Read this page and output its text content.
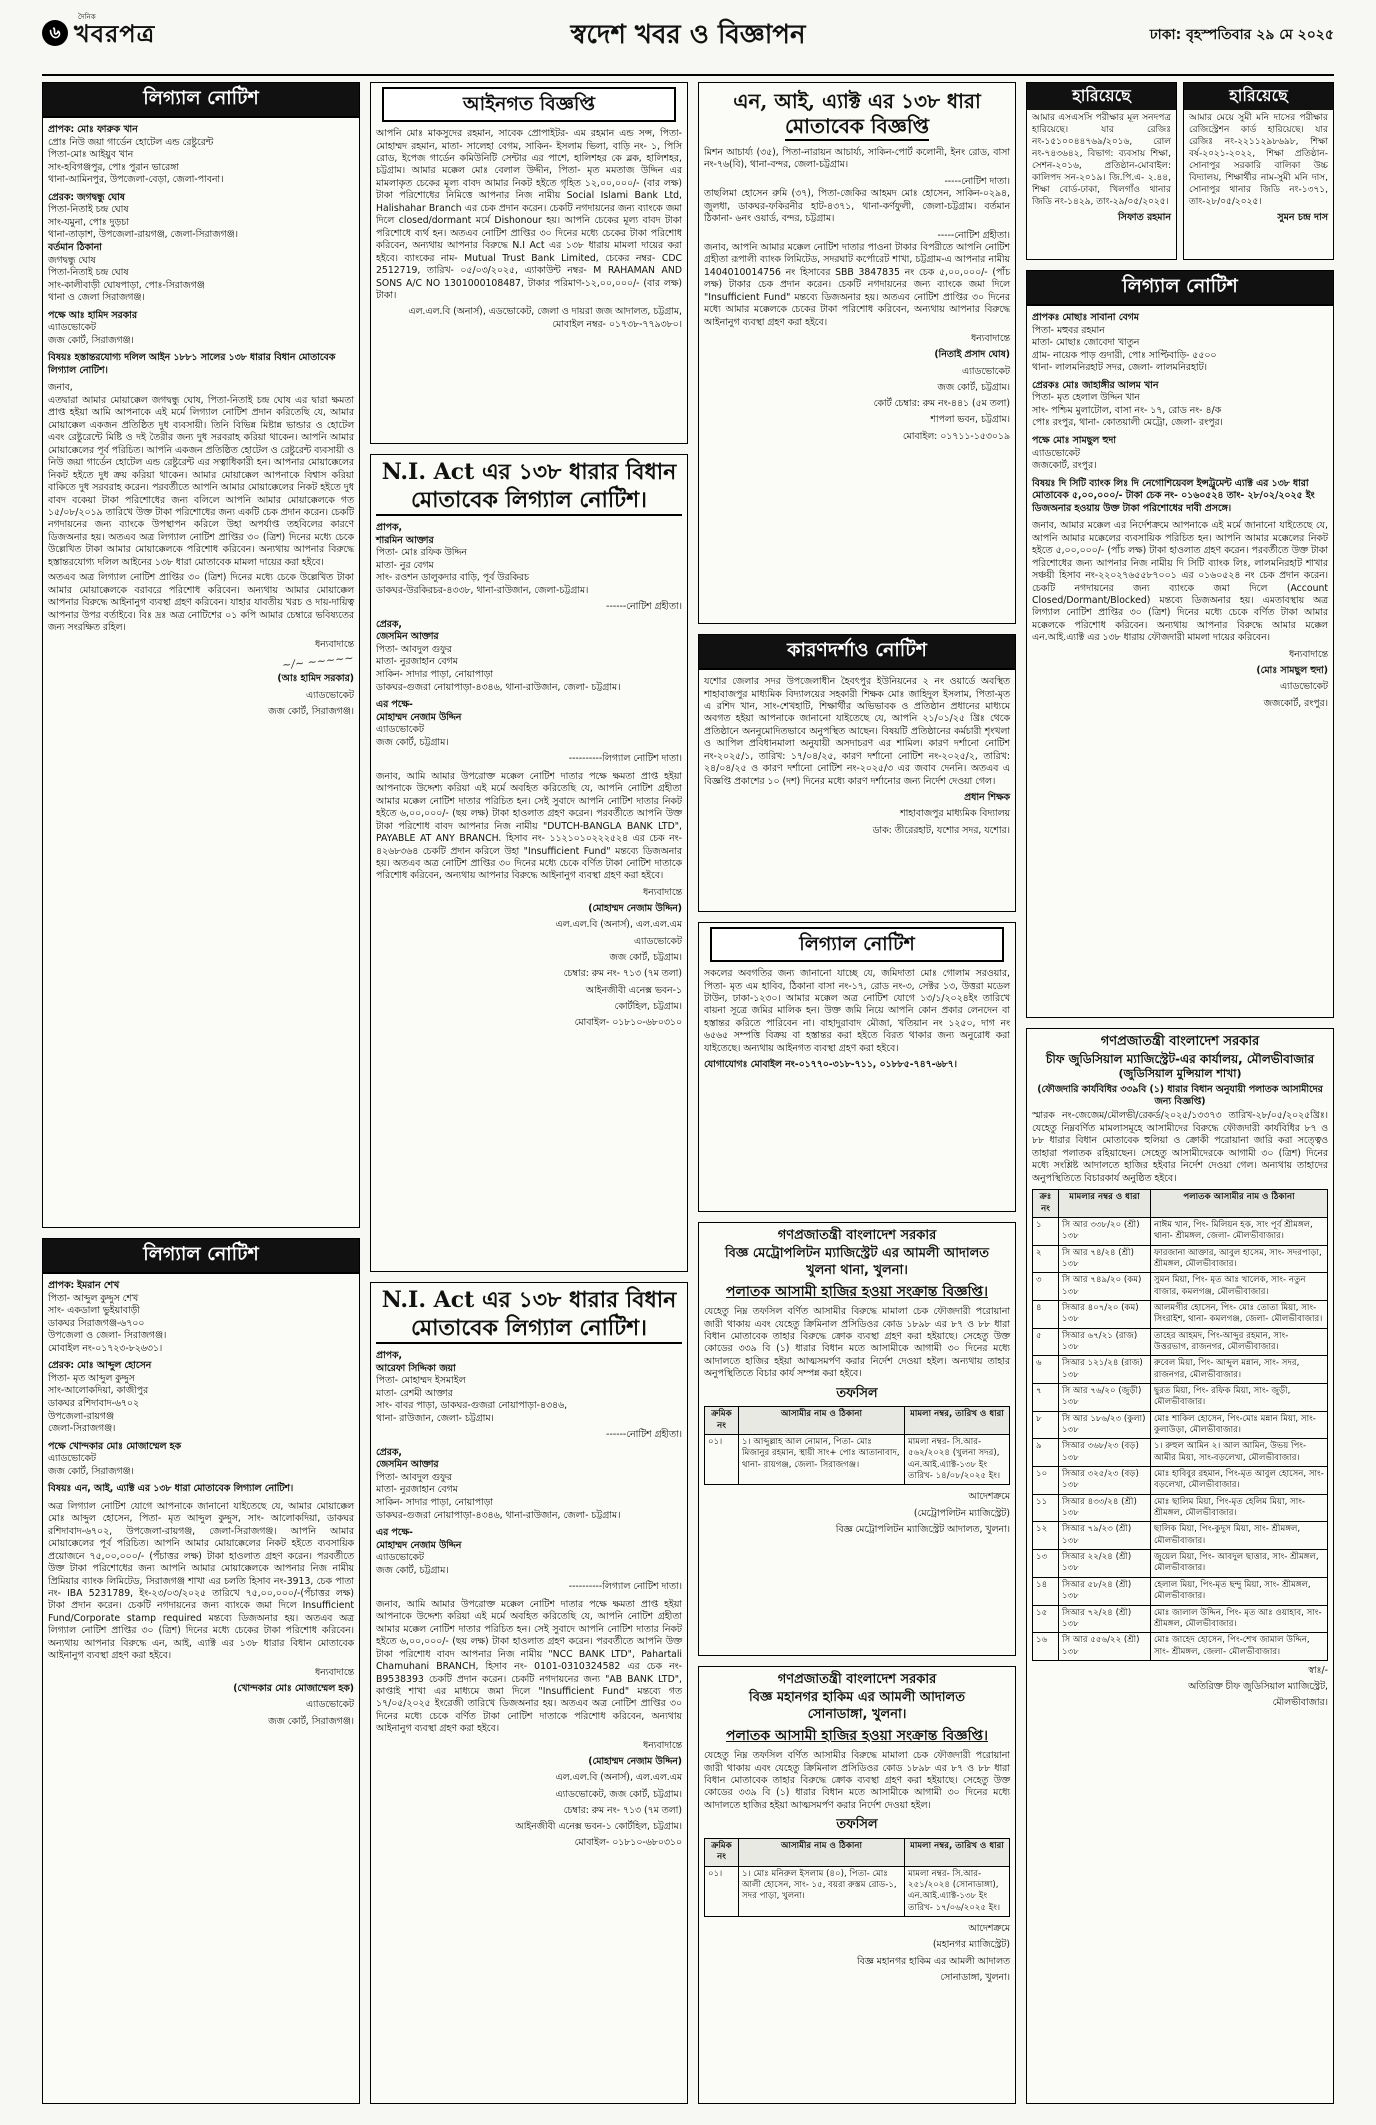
৬
দৈনিক
খবরপত্র	স্বদেশ খবর ও বিজ্ঞাপন	ঢাকা: বৃহস্পতিবার ২৯ মে ২০২৫
লিগ্যাল নোটিশ
প্রাপক: মোঃ ফারুক খান
প্রোঃ নিউ জয়া গার্ডেন হোটেল এন্ড রেষ্টুরেন্ট
পিতা-মোঃ আইয়ুব খান
সাং-হবিগঞ্জপুর, পোঃ পুরান ভারেঙ্গা
থানা-আমিনপুর, উপজেলা-বেড়া, জেলা-পাবনা।
প্রেরক: জগদ্বন্ধু ঘোষ
পিতা-নিতাই চন্দ্র ঘোষ
সাং-যমুনা, পোঃ দুড়চা
থানা-তাড়াশ, উপজেলা-রায়গঞ্জ, জেলা-সিরাজগঞ্জ।
বর্তমান ঠিকানা
জগদ্বন্ধু ঘোষ
পিতা-নিতাই চন্দ্র ঘোষ
সাং-কালীবাড়ী ঘোষপাড়া, পোঃ-সিরাজগঞ্জ
থানা ও জেলা সিরাজগঞ্জ।
পক্ষে আঃ হামিদ সরকার
এ্যাডভোকেট
জজ কোর্ট, সিরাজগঞ্জ।
বিষয়ঃ হস্তান্তরযোগ্য দলিল আইন ১৮৮১ সালের ১৩৮ ধারার বিধান মোতাবেক লিগ্যাল নোটিশ।
জনাব,
এতদ্বারা আমার মোয়াক্কেল জগদ্বন্ধু ঘোষ, পিতা-নিতাই চন্দ্র ঘোষ এর দ্বারা ক্ষমতা প্রাপ্ত হইয়া আমি আপনাকে এই মর্মে লিগ্যাল নোটিশ প্রদান করিতেছি যে, আমার মোয়াক্কেল একজন প্রতিষ্ঠিত দুধ ব্যবসায়ী। তিনি বিভিন্ন মিষ্টান্ন ভান্ডার ও হোটেল এবং রেষ্টুরেন্টে মিষ্টি ও দই তৈরীর জন্য দুধ সরবরাহ করিয়া থাকেন। আপনি আমার মোয়াক্কেলের পূর্ব পরিচিত। আপনি একজন প্রতিষ্ঠিত হোটেল ও রেষ্টুরেন্ট ব্যবসায়ী ও নিউ জয়া গার্ডেন হোটেল এন্ড রেষ্টুরেন্ট এর সত্বাধিকারী হন। আপনার মোয়াক্কেলের নিকট হইতে দুধ ক্রয় করিয়া থাকেন। আমার মোয়াক্কেল আপনাকে বিশ্বাস করিয়া বাকিতে দুধ সরবরাহ করেন। পরবর্তীতে আপনি আমার মোয়াক্কেলের নিকট হইতে দুধ বাবদ বকেয়া টাকা পরিশোধের জন্য বলিলে আপনি আমার মোয়াক্কেলকে গত ১৫/০৮/২০১৯ তারিখে উক্ত টাকা পরিশোধের জন্য একটি চেক প্রদান করেন। চেকটি নগদায়নের জন্য ব্যাংকে উপস্থাপন করিলে উহা অপর্যাপ্ত তহবিলের কারণে ডিজঅনার হয়। অতএব অত্র লিগ্যাল নোটিশ প্রাপ্তির ৩০ (ত্রিশ) দিনের মধ্যে চেকে উল্লেখিত টাকা আমার মোয়াক্কেলকে পরিশোধ করিবেন। অন্যথায় আপনার বিরুদ্ধে হস্তান্তরযোগ্য দলিল আইনের ১৩৮ ধারা মোতাবেক মামলা দায়ের করা হইবে।
অতএব অত্র লিগ্যাল নোটিশ প্রাপ্তির ৩০ (ত্রিশ) দিনের মধ্যে চেকে উল্লেখিত টাকা আমার মোয়াক্কেলকে বরাবরে পরিশোধ করিবেন। অন্যথায় আমার মোয়াক্কেল আপনার বিরুদ্ধে আইনানুগ ব্যবস্থা গ্রহণ করিবেন। যাহার যাবতীয় খরচ ও দায়-দায়িত্ব আপনার উপর বর্তাইবে। বিঃ দ্রঃ অত্র নোটিশের ০১ কপি আমার চেম্বারে ভবিষ্যতের জন্য সংরক্ষিত রহিল।
ধন্যবাদান্তে
~/~ ~~~~~
(আঃ হামিদ সরকার)
এ্যাডভোকেট
জজ কোর্ট, সিরাজগঞ্জ।
লিগ্যাল নোটিশ
প্রাপক: ইমরান শেখ
পিতা- আব্দুল কুদ্দুস শেখ
সাং- একডালা ভুইয়াবাড়ী
ডাকঘর সিরাজগঞ্জ-৬৭০০
উপজেলা ও জেলা- সিরাজগঞ্জ।
মোবাইল নং-০১৭২৩-৮২৬৩১।
প্রেরক: মোঃ আব্দুল হোসেন
পিতা- মৃত আব্দুল কুদ্দুস
সাং-আলোকদিয়া, কাজীপুর
ডাকঘর রশিদাবাদ-৬৭০২
উপজেলা-রায়গঞ্জ
জেলা-সিরাজগঞ্জ।
পক্ষে খোন্দকার মোঃ মোজাম্মেল হক
এ্যাডভোকেট
জজ কোর্ট, সিরাজগঞ্জ।
বিষয়ঃ এন, আই, এ্যাক্ট এর ১৩৮ ধারা মোতাবেক লিগ্যাল নোটিশ।
অত্র লিগ্যাল নোটিশ যোগে আপনাকে জানানো যাইতেছে যে, আমার মোয়াক্কেল মোঃ আব্দুল হোসেন, পিতা- মৃত আব্দুল কুদ্দুস, সাং- আলোকদিয়া, ডাকঘর রশিদাবাদ-৬৭০২, উপজেলা-রায়গঞ্জ, জেলা-সিরাজগঞ্জ। আপনি আমার মোয়াক্কেলের পূর্ব পরিচিত। আপনি আমার মোয়াক্কেলের নিকট হইতে ব্যবসায়িক প্রয়োজনে ৭৫,০০,০০০/- (পঁচাত্তর লক্ষ) টাকা হাওলাত গ্রহণ করেন। পরবর্তীতে উক্ত টাকা পরিশোধের জন্য আপনি আমার মোয়াক্কেলকে আপনার নিজ নামীয় প্রিমিয়ার ব্যাংক লিমিটেড, সিরাজগঞ্জ শাখা এর চলতি হিসাব নং-3913, চেক পাতা নং- IBA 5231789, ইং-২৩/০৩/২০২৫ তারিখে ৭৫,০০,০০০/-(পঁচাত্তর লক্ষ) টাকা প্রদান করেন। চেকটি নগদায়নের জন্য ব্যাংকে জমা দিলে Insufficient Fund/Corporate stamp required মন্তব্যে ডিজঅনার হয়। অতএব অত্র লিগ্যাল নোটিশ প্রাপ্তির ৩০ (ত্রিশ) দিনের মধ্যে চেকের টাকা পরিশোধ করিবেন। অন্যথায় আপনার বিরুদ্ধে এন, আই, এ্যাক্ট এর ১৩৮ ধারার বিধান মোতাবেক আইনানুগ ব্যবস্থা গ্রহণ করা হইবে।
ধন্যবাদান্তে
(খোন্দকার মোঃ মোজাম্মেল হক)
এ্যাডভোকেট
জজ কোর্ট, সিরাজগঞ্জ।
আইনগত বিজ্ঞপ্তি
আপনি মোঃ মাকসুদের রহমান, সাবেক প্রোপাইটর- এম রহমান এন্ড সন্স, পিতা-মোহাম্মদ রহমান, মাতা- সালেহা বেগম, সাকিন- ইসলাম ভিলা, বাড়ি নং- ১, পিসি রোড, ইপেজ গার্ডেন কমিউনিটি সেন্টার এর পাশে, হালিশহর কে ব্লক, হালিশহর, চট্টগ্রাম। আমার মক্কেল মোঃ বেলাল উদ্দীন, পিতা- মৃত মমতাজ উদ্দিন এর মামলাকৃত চেকের মূল্য বাবদ আমার নিকট হইতে গৃহিত ১২,০০,০০০/- (বার লক্ষ) টাকা পরিশোধের নিমিত্তে আপনার নিজ নামীয় Social Islami Bank Ltd, Halishahar Branch এর চেক প্রদান করেন। চেকটি নগদায়নের জন্য ব্যাংকে জমা দিলে closed/dormant মর্মে Dishonour হয়। আপনি চেকের মূল্য বাবদ টাকা পরিশোধে ব্যর্থ হন। অতএব নোটিশ প্রাপ্তির ৩০ দিনের মধ্যে চেকের টাকা পরিশোধ করিবেন, অন্যথায় আপনার বিরুদ্ধে N.I Act এর ১৩৮ ধারায় মামলা দায়ের করা হইবে। ব্যাংকের নাম- Mutual Trust Bank Limited, চেকের নম্বর- CDC 2512719, তারিখ- ০৫/০৩/২০২৫, এ্যাকাউন্ট নম্বর- M RAHAMAN AND SONS A/C NO 1301000108487, টাকার পরিমাণ-১২,০০,০০০/- (বার লক্ষ) টাকা।
এল.এল.বি (অনার্স), এডভোকেট, জেলা ও দায়রা জজ আদালত, চট্টগ্রাম, মোবাইল নম্বর- ০১৭৩৮-৭৭৯৩৮০।
N.I. Act এর ১৩৮ ধারার বিধান মোতাবেক লিগ্যাল নোটিশ।
প্রাপক,
শারমিন আক্তার
পিতা- মোঃ রফিক উদ্দিন
মাতা- নুর বেগম
সাং- রওশন ডালুকদার বাড়ি, পূর্ব উরকিরচ
ডাকঘর-উরকিরচর-৪৩৩৮, থানা-রাউজান, জেলা-চট্টগ্রাম।
------নোটিশ গ্রহীতা।
প্রেরক,
জেসমিন আক্তার
পিতা- আবদুল গুফুর
মাতা- নুরজাহান বেগম
সাকিন- সাদার পাড়া, নোয়াপাড়া
ডাকঘর-গুজরা নোয়াপাড়া-৪৩৪৬, থানা-রাউজান, জেলা- চট্টগ্রাম।
এর পক্ষে-
মোহাম্মদ নেজাম উদ্দিন
এ্যাডভোকেট
জজ কোর্ট, চট্টগ্রাম।
----------লিগ্যাল নোটিশ দাতা।
জনাব, আমি আমার উপরোক্ত মক্কেল নোটিশ দাতার পক্ষে ক্ষমতা প্রাপ্ত হইয়া আপনাকে উদ্দেশ্য করিয়া এই মর্মে অবহিত করিতেছি যে, আপনি নোটিশ গ্রহীতা আমার মক্কেল নোটিশ দাতার পরিচিত হন। সেই সুবাদে আপনি নোটিশ দাতার নিকট হইতে ৬,০০,০০০/- (ছয় লক্ষ) টাকা হাওলাত গ্রহণ করেন। পরবর্তীতে আপনি উক্ত টাকা পরিশোধ বাবদ আপনার নিজ নামীয় "DUTCH-BANGLA BANK LTD", PAYABLE AT ANY BRANCH. হিসাব নং- ১১২১০১০২২২৫২৪ এর চেক নং- ৪২৬৮৩৬৪ চেকটি প্রদান করিলে উহা "Insufficient Fund" মন্তব্যে ডিজঅনার হয়। অতএব অত্র নোটিশ প্রাপ্তির ৩০ দিনের মধ্যে চেকে বর্ণিত টাকা নোটিশ দাতাকে পরিশোধ করিবেন, অন্যথায় আপনার বিরুদ্ধে আইনানুগ ব্যবস্থা গ্রহণ করা হইবে।
ধন্যবাদান্তে
(মোহাম্মদ নেজাম উদ্দিন)
এল.এল.বি (অনার্স), এল.এল.এম
এ্যাডভোকেট
জজ কোর্ট, চট্টগ্রাম।
চেম্বার: রুম নং- ৭১৩ (৭ম তলা)
আইনজীবী এনেক্স ভবন-১
কোর্টহিল, চট্টগ্রাম।
মোবাইল- ০১৮১০-৬৮০৩১০
N.I. Act এর ১৩৮ ধারার বিধান মোতাবেক লিগ্যাল নোটিশ।
প্রাপক,
আরেফা সিদ্দিকা জয়া
পিতা- মোহাম্মদ ইসমাইল
মাতা- রেশমী আক্তার
সাং- বাবর পাড়া, ডাকঘর-গুজরা নোয়াপাড়া-৪৩৪৬,
থানা- রাউজান, জেলা- চট্টগ্রাম।
------নোটিশ গ্রহীতা।
প্রেরক,
জেসমিন আক্তার
পিতা- আবদুল গুফুর
মাতা- নুরজাহান বেগম
সাকিন- সাদার পাড়া, নোয়াপাড়া
ডাকঘর-গুজরা নোয়াপাড়া-৪৩৪৬, থানা-রাউজান, জেলা- চট্টগ্রাম।
এর পক্ষে-
মোহাম্মদ নেজাম উদ্দিন
এ্যাডভোকেট
জজ কোর্ট, চট্টগ্রাম।
----------লিগ্যাল নোটিশ দাতা।
জনাব, আমি আমার উপরোক্ত মক্কেল নোটিশ দাতার পক্ষে ক্ষমতা প্রাপ্ত হইয়া আপনাকে উদ্দেশ্য করিয়া এই মর্মে অবহিত করিতেছি যে, আপনি নোটিশ গ্রহীতা আমার মক্কেল নোটিশ দাতার পরিচিত হন। সেই সুবাদে আপনি নোটিশ দাতার নিকট হইতে ৬,০০,০০০/- (ছয় লক্ষ) টাকা হাওলাত গ্রহণ করেন। পরবর্তীতে আপনি উক্ত টাকা পরিশোধ বাবদ আপনার নিজ নামীয় "NCC BANK LTD", Pahartali Chamuhani BRANCH, হিসাব নং- 0101-0310324582 এর চেক নং- B9538393 চেকটি প্রদান করেন। চেকটি নগদায়নের জন্য "AB BANK LTD", কাপ্তাই শাখা এর মাধ্যমে জমা দিলে "Insufficient Fund" মন্তব্যে গত ১৭/০৫/২০২৫ ইংরেজী তারিখে ডিজঅনার হয়। অতএব অত্র নোটিশ প্রাপ্তির ৩০ দিনের মধ্যে চেকে বর্ণিত টাকা নোটিশ দাতাকে পরিশোধ করিবেন, অন্যথায় আইনানুগ ব্যবস্থা গ্রহণ করা হইবে।
ধন্যবাদান্তে
(মোহাম্মদ নেজাম উদ্দিন)
এল.এল.বি (অনার্স), এল.এল.এম
এ্যাডভোকেট, জজ কোর্ট, চট্টগ্রাম।
চেম্বার: রুম নং- ৭১৩ (৭ম তলা)
আইনজীবী এনেক্স ভবন-১ কোর্টহিল, চট্টগ্রাম।
মোবাইল- ০১৮১০-৬৮০৩১০
এন, আই, এ্যাক্ট এর ১৩৮ ধারা
মোতাবেক বিজ্ঞপ্তি
মিশন আচার্য্য (৩৫), পিতা-নারায়ন আচার্য্য, সাকিন-পোর্ট কলোনী, ইনং রোড, বাসা নং-৭৬(বি), থানা-বন্দর, জেলা-চট্টগ্রাম।
-----নোটিশ দাতা।
তাছলিমা হোসেন রুমি (৩৭), পিতা-জেকির আহমদ মোঃ হোসেন, সাকিন-০২৯৪, জুলধা, ডাকঘর-ফকিরনীর হাট-৪৩৭১, থানা-কর্ণফুলী, জেলা-চট্টগ্রাম। বর্তমান ঠিকানা- ৬নং ওয়ার্ড, বন্দর, চট্টগ্রাম।
-----নোটিশ গ্রহীতা।
জনাব, আপনি আমার মক্কেল নোটিশ দাতার পাওনা টাকার বিপরীতে আপনি নোটিশ গ্রহীতা রূপালী ব্যাংক লিমিটেড, সদরঘাট কর্পোরেট শাখা, চট্টগ্রাম-এ আপনার নামীয় 1404010014756 নং হিসাবের SBB 3847835 নং চেক ৫,০০,০০০/- (পাঁচ লক্ষ) টাকার চেক প্রদান করেন। চেকটি নগদায়নের জন্য ব্যাংকে জমা দিলে "Insufficient Fund" মন্তব্যে ডিজঅনার হয়। অতএব নোটিশ প্রাপ্তির ৩০ দিনের মধ্যে আমার মক্কেলকে চেকের টাকা পরিশোধ করিবেন, অন্যথায় আপনার বিরুদ্ধে আইনানুগ ব্যবস্থা গ্রহণ করা হইবে।
ধন্যবাদান্তে
(নিতাই প্রসাদ ঘোষ)
এ্যাডভোকেট
জজ কোর্ট, চট্টগ্রাম।
কোর্ট চেম্বার: রুম নং-৪৪১ (৫ম তলা)
শাপলা ভবন, চট্টগ্রাম।
মোবাইল: ০১৭১১-১৫৩০১৯
কারণদর্শাও নোটিশ
যশোর জেলার সদর উপজেলাধীন হৈবৎপুর ইউনিয়নের ২ নং ওয়ার্ডে অবস্থিত শাহাবাজপুর মাধ্যমিক বিদ্যালয়ের সহকারী শিক্ষক মোঃ জাহিদুল ইসলাম, পিতা-মৃত এ রশিদ খান, সাং-শেখহাটি, শিক্ষার্থীর অভিভাবক ও প্রতিষ্ঠান প্রধানের মাধ্যমে অবগত হইয়া আপনাকে জানানো যাইতেছে যে, আপনি ২১/০১/২৫ খ্রিঃ থেকে প্রতিষ্ঠানে অননুমোদিতভাবে অনুপস্থিত আছেন। বিষয়টি প্রতিষ্ঠানের কর্মচারী শৃংখলা ও আপিল প্রবিধানমালা অনুযায়ী অসদাচরণ এর শামিল। কারণ দর্শানো নোটিশ নং-২০২৫/১, তারিখ: ১৭/০৪/২৫, কারণ দর্শানো নোটিশ নং-২০২৫/২, তারিখ: ২৪/০৪/২৫ ও কারণ দর্শানো নোটিশ নং-২০২৫/৩ এর জবাব দেননি। অতএব এ বিজ্ঞপ্তি প্রকাশের ১০ (দশ) দিনের মধ্যে কারণ দর্শানোর জন্য নির্দেশ দেওয়া গেল।
প্রধান শিক্ষক
শাহাবাজপুর মাধ্যমিক বিদ্যালয়
ডাক: তীরেরহাট, যশোর সদর, যশোর।
লিগ্যাল নোটিশ
সকলের অবগতির জন্য জানানো যাচ্ছে যে, জমিদাতা মোঃ গোলাম সরওয়ার, পিতা- মৃত এম হাবিব, ঠিকানা বাসা নং-১৭, রোড নং-৩, সেক্টর ১৩, উত্তরা মডেল টাউন, ঢাকা-১২৩০। আমার মক্কেল অত্র নোটিশ যোগে ১৩/১/২০২৪ইং তারিখে বায়না সূত্রে জমির মালিক হন। উক্ত জমি নিয়ে আপনি কোন প্রকার লেনদেন বা হস্তান্তর করিতে পারিবেন না। বাহাদুরাবাদ মৌজা, খতিয়ান নং ১২৫০, দাগ নং ৬৫৬৫ সম্পত্তি বিক্রয় বা হস্তান্তর করা হইতে বিরত থাকার জন্য অনুরোধ করা যাইতেছে। অন্যথায় আইনগত ব্যবস্থা গ্রহণ করা হইবে।
যোগাযোগঃ মোবাইল নং-০১৭৭০-৩১৮-৭১১, ০১৮৮৫-৭৪৭-৬৮৭।
গণপ্রজাতন্ত্রী বাংলাদেশ সরকার
বিজ্ঞ মেট্রোপলিটন ম্যাজিস্ট্রেট এর আমলী আদালত
খুলনা থানা, খুলনা।
পলাতক আসামী হাজির হওয়া সংক্রান্ত বিজ্ঞপ্তি।
যেহেতু নিম্ন তফসিল বর্ণিত আসামীর বিরুদ্ধে মামালা চেক ফৌজদারী পরোয়ানা জারী থাকায় এবং যেহেতু ক্রিমিনাল প্রসিডিওর কোড ১৮৯৮ এর ৮৭ ও ৮৮ ধারা বিধান মোতাবেক তাহার বিরুদ্ধে ক্রোক ব্যবস্থা গ্রহণ করা হইয়াছে। সেহেতু উক্ত কোডের ৩৩৯ বি (১) ধারার বিধান মতে আসামীকে আগামী ৩০ দিনের মধ্যে আদালতে হাজির হইয়া আত্মসমর্পণ করার নির্দেশ দেওয়া হইল। অন্যথায় তাহার অনুপস্থিতিতে বিচার কার্য সম্পন্ন করা হইবে।
তফসিল
ক্রমিক নং	আসামীর নাম ও ঠিকানা	মামলা নম্বর, তারিখ ও ধারা
০১।	১। আব্দুল্লাহ আল নোমান, পিতা- মোঃ মিজানুর রহমান, স্থায়ী সাং+ পোঃ আতানাবাদ, থানা- রায়গঞ্জ, জেলা- সিরাজগঞ্জ।	মামলা নম্বর- সি.আর- ৫৬২/২০২৪ (খুলনা সদর), এন.আই.এ্যাক্ট-১৩৮ ইং তারিখ- ১৪/০৮/২০২৫ ইং।
আদেশক্রমে
(মেট্রোপলিটন ম্যাজিস্ট্রেট)
বিজ্ঞ মেট্রোপলিটন ম্যাজিস্ট্রেট আদালত, খুলনা।
গণপ্রজাতন্ত্রী বাংলাদেশ সরকার
বিজ্ঞ মহানগর হাকিম এর আমলী আদালত
সোনাডাঙ্গা, খুলনা।
পলাতক আসামী হাজির হওয়া সংক্রান্ত বিজ্ঞপ্তি।
যেহেতু নিম্ন তফসিল বর্ণিত আসামীর বিরুদ্ধে মামালা চেক ফৌজদারী পরোয়ানা জারী থাকায় এবং যেহেতু ক্রিমিনাল প্রসিডিওর কোড ১৮৯৮ এর ৮৭ ও ৮৮ ধারা বিধান মোতাবেক তাহার বিরুদ্ধে ক্রোক ব্যবস্থা গ্রহণ করা হইয়াছে। সেহেতু উক্ত কোডের ৩৩৯ বি (১) ধারার বিধান মতে আসামীকে আগামী ৩০ দিনের মধ্যে আদালতে হাজির হইয়া আত্মসমর্পণ করার নির্দেশ দেওয়া হইল।
তফসিল
ক্রমিক নং	আসামীর নাম ও ঠিকানা	মামলা নম্বর, তারিখ ও ধারা
০১।	১। মোঃ মনিরুল ইসলাম (৪০), পিতা- মোঃ আলী হোসেন, সাং- ১৫, বয়রা রুস্তম রোড-১, সদর পাড়া, খুলনা।	মামলা নম্বর- সি.আর- ২৫১/২০২৪ (সোনাডাঙ্গা), এন.আই.এ্যাক্ট-১৩৮ ইং তারিখ- ১৭/০৬/২০২৫ ইং।
আদেশক্রমে
(মহানগর ম্যাজিস্ট্রেট)
বিজ্ঞ মহানগর হাকিম এর আমলী আদালত
সোনাডাঙ্গা, খুলনা।
হারিয়েছে
আমার এসএসসি পরীক্ষার মূল সনদপত্র হারিয়েছে। যার রেজিঃ নং-১৫১০০৪৪৭৬৯/২০১৬, রোল নং-৭৪৩৬৪২, বিভাগ: ব্যবসায় শিক্ষা, সেশন-২০১৬, প্রতিষ্ঠান-মোবাইল: কালিপদ সন-২০১৯। জি.পি.এ- ২.৪৪, শিক্ষা বোর্ড-ঢাকা, খিলগাঁও থানার জিডি নং-১৪২৯, তাং-২৯/০৫/২০২৫।
সিফাত রহমান
হারিয়েছে
আমার মেয়ে সুমী মনি দাসের পরীক্ষার রেজিস্ট্রেশন কার্ড হারিয়েছে। যার রেজিঃ নং-২২১১২৯৮৬৯৮, শিক্ষা বর্ষ-২০২১-২০২২, শিক্ষা প্রতিষ্ঠান-সোনাপুর সরকারি বালিকা উচ্চ বিদ্যালয়, শিক্ষার্থীর নাম-সুমী মনি দাস, সোনাপুর থানার জিডি নং-১৩৭১, তাং-২৮/০৫/২০২৫।
সুমন চন্দ্র দাস
লিগ্যাল নোটিশ
প্রাপকঃ মোছাঃ সাবানা বেগম
পিতা- মহুবর রহমান
মাতা- মোছাঃ জোবেদা খাতুন
গ্রাম- নায়েক পাড় গুদারী, পোঃ সাপ্টিবাড়ি- ৫৫০০
থানা- লালমনিরহাট সদর, জেলা- লালমনিরহাট।
প্রেরকঃ মোঃ জাহাঙ্গীর আলম খান
পিতা- মৃত হেলাল উদ্দিন খান
সাং- পশ্চিম মুলাটোল, বাসা নং- ১৭, রোড নং- ৪/ক
পোঃ রংপুর, থানা- কোতয়ালী মেট্রো, জেলা- রংপুর।
পক্ষে মোঃ সামছুল হুদা
এ্যাডভোকেট
জজকোর্ট, রংপুর।
বিষয়ঃ দি সিটি ব্যাংক লিঃ দি নেগোশিয়েবল ইন্সট্রুমেন্ট এ্যাক্ট এর ১৩৮ ধারা মোতাবেক ৫,০০,০০০/- টাকা চেক নং- ০১৬০৫২৪ তাং- ২৮/০২/২০২৫ ইং ডিজঅনার হওয়ায় উক্ত টাকা পরিশোধের দাবী প্রসঙ্গে।
জনাব, আমার মক্কেল এর নির্দেশক্রমে আপনাকে এই মর্মে জানানো যাইতেছে যে, আপনি আমার মক্কেলের ব্যবসায়িক পরিচিত হন। আপনি আমার মক্কেলের নিকট হইতে ৫,০০,০০০/- (পাঁচ লক্ষ) টাকা হাওলাত গ্রহণ করেন। পরবর্তীতে উক্ত টাকা পরিশোধের জন্য আপনার নিজ নামীয় দি সিটি ব্যাংক লিঃ, লালমনিরহাট শাখার সঞ্চয়ী হিসাব নং-২২০২৭৬৫৫৮৭০০১ এর ০১৬০৫২৪ নং চেক প্রদান করেন। চেকটি নগদায়নের জন্য ব্যাংকে জমা দিলে (Account Closed/Dormant/Blocked) মন্তব্যে ডিজঅনার হয়। এমতাবস্থায় অত্র লিগ্যাল নোটিশ প্রাপ্তির ৩০ (ত্রিশ) দিনের মধ্যে চেকে বর্ণিত টাকা আমার মক্কেলকে পরিশোধ করিবেন। অন্যথায় আপনার বিরুদ্ধে আমার মক্কেল এন.আই.এ্যাক্ট এর ১৩৮ ধারায় ফৌজদারী মামলা দায়ের করিবেন।
ধন্যবাদান্তে
(মোঃ সামছুল হুদা)
এ্যাডভোকেট
জজকোর্ট, রংপুর।
গণপ্রজাতন্ত্রী বাংলাদেশ সরকার
চীফ জুডিসিয়াল ম্যাজিস্ট্রেট-এর কার্যালয়, মৌলভীবাজার
(জুডিসিয়াল মুন্সিয়াল শাখা)
(ফৌজদারি কার্যবিধির ৩৩৯বি (১) ধারার বিধান অনুযায়ী পলাতক আসামীদের জন্য বিজ্ঞপ্তি)
স্মারক নং-জেজেম/মৌলভী/রেকর্ড/২০২৫/১৩৩৭৩ তারিখ-২৮/০৫/২০২৫খ্রিঃ। যেহেতু নিম্নবর্ণিত মামলাসমূহে আসামীদের বিরুদ্ধে ফৌজদারী কার্যবিধির ৮৭ ও ৮৮ ধারার বিধান মোতাবেক হুলিয়া ও ক্রোকী পরোয়ানা জারি করা সত্ত্বেও তাহারা পলাতক রহিয়াছেন। সেহেতু আসামীদেরকে আগামী ৩০ (ত্রিশ) দিনের মধ্যে সংশ্লিষ্ট আদালতে হাজির হইবার নির্দেশ দেওয়া গেল। অন্যথায় তাহাদের অনুপস্থিতিতে বিচারকার্য অনুষ্ঠিত হইবে।
ক্রঃ নং	মামলার নম্বর ও ধারা	পলাতক আসামীর নাম ও ঠিকানা
১	সি আর ৩৩৮/২০ (শ্রী) ১৩৮	নাঈম খান, পিং- মিলিয়ন হক, সাং পূর্ব শ্রীমঙ্গল, থানা- শ্রীমঙ্গল, জেলা- মৌলভীবাজার।
২	সি আর ৭৪/২৪ (শ্রী) ১৩৮	ফারজানা আক্তার, আবুল হাসেম, সাং- সদরপাড়া, শ্রীমঙ্গল, মৌলভীবাজার।
৩	সি আর ৭৪৯/২০ (কম) ১৩৮	সুমন মিয়া, পিং- মৃত আঃ খালেক, সাং- নতুন বাজার, কমলগঞ্জ, মৌলভীবাজার।
৪	সিআর ৪০৭/২০ (কম) ১৩৮	আলমগীর হোসেন, পিং- মোঃ তোতা মিয়া, সাং- সিংরাইশ, থানা- কমলগঞ্জ, জেলা- মৌলভীবাজার।
৫	সিআর ৬৭/২১ (রাজ) ১৩৮	তাহের আহমদ, পিং-আব্দুর রহমান, সাং- উত্তরভাগ, রাজনগর, মৌলভীবাজার।
৬	সিআর ১২১/২৪ (রাজ) ১৩৮	রুবেল মিয়া, পিং- আব্দুল মন্নান, সাং- সদর, রাজনগর, মৌলভীবাজার।
৭	সি আর ৭৬/২০ (জুড়ী) ১৩৮	ছুরত মিয়া, পিং- রফিক মিয়া, সাং- জুড়ী, মৌলভীবাজার।
৮	সি আর ১৮৬/২৩ (কুলা) ১৩৮	মোঃ শাকিল হোসেন, পিং-মোঃ মন্নান মিয়া, সাং- কুলাউড়া, মৌলভীবাজার।
৯	সিআর ৩৬৮/২৩ (বড়) ১৩৮	১। রুহুল আমিন ২। আল আমিন, উভয় পিং-আমীর মিয়া, সাং-বড়লেখা, মৌলভীবাজার।
১০	সিআর ৩২৫/২৩ (বড়) ১৩৮	মোঃ হাবিবুর রহমান, পিং-মৃত আবুল হোসেন, সাং- বড়লেখা, মৌলভীবাজার।
১১	সিআর ৪৩৩/২৪ (শ্রী) ১৩৮	মোঃ ছালিম মিয়া, পিং-মৃত হেলিম মিয়া, সাং- শ্রীমঙ্গল, মৌলভীবাজার।
১২	সিআর ৭৯/২৩ (শ্রী) ১৩৮	ছালিক মিয়া, পিং-কুদুস মিয়া, সাং- শ্রীমঙ্গল, মৌলভীবাজার।
১৩	সিআর ২২/২৪ (শ্রী) ১৩৮	জুয়েল মিয়া, পিং- আবদুল ছাত্তার, সাং- শ্রীমঙ্গল, মৌলভীবাজার।
১৪	সিআর ৫৮/২৪ (শ্রী) ১৩৮	হেলাল মিয়া, পিং-মৃত ছন্দু মিয়া, সাং- শ্রীমঙ্গল, মৌলভীবাজার।
১৫	সিআর ৭২/২৪ (শ্রী) ১৩৮	মোঃ জালাল উদ্দিন, পিং- মৃত আঃ ওয়াহাব, সাং- শ্রীমঙ্গল, মৌলভীবাজার।
১৬	সি আর ৫৫৬/২২ (শ্রী) ১৩৮	মোঃ জাহেদ হোসেন, পিং-শেখ জামাল উদ্দিন, সাং- শ্রীমঙ্গল, জেলা- মৌলভীবাজার।
স্বাঃ/-
অতিরিক্ত চীফ জুডিসিয়াল ম্যাজিস্ট্রেট,
মৌলভীবাজার।
